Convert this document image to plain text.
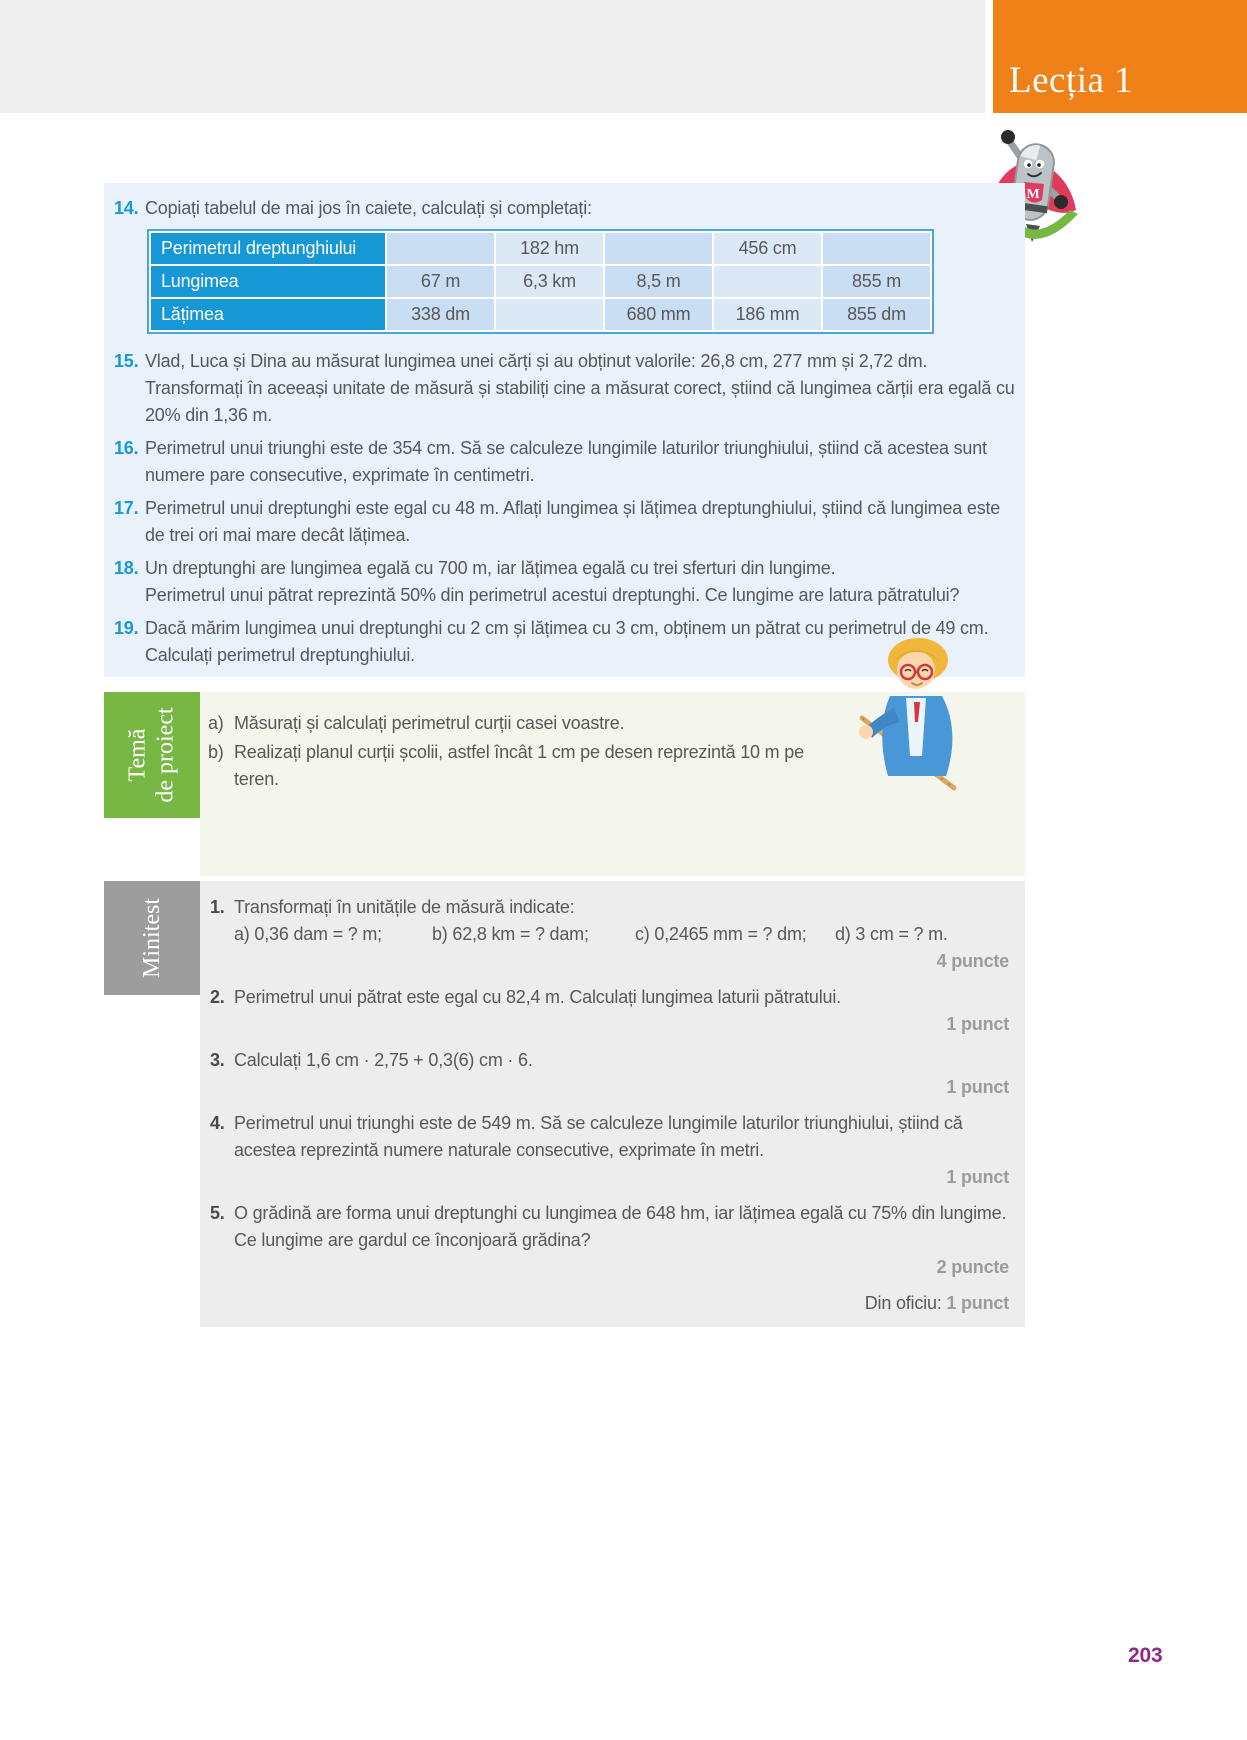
Lecția 1
M
14. Copiați tabelul de mai jos în caiete, calculați și completați:
Perimetrul dreptunghiului		182 hm		456 cm	
Lungimea	67 m	6,3 km	8,5 m		855 m
Lățimea	338 dm		680 mm	186 mm	855 dm
15. Vlad, Luca și Dina au măsurat lungimea unei cărți și au obținut valorile: 26,8 cm, 277 mm și 2,72 dm. Transformați în aceeași unitate de măsură și stabiliți cine a măsurat corect, știind că lungimea cărții era egală cu 20% din 1,36 m.
16. Perimetrul unui triunghi este de 354 cm. Să se calculeze lungimile laturilor triunghiului, știind că acestea sunt numere pare consecutive, exprimate în centimetri.
17. Perimetrul unui dreptunghi este egal cu 48 m. Aflați lungimea și lățimea dreptunghiului, știind că lungimea este de trei ori mai mare decât lățimea.
18. Un dreptunghi are lungimea egală cu 700 m, iar lățimea egală cu trei sferturi din lungime.
Perimetrul unui pătrat reprezintă 50% din perimetrul acestui dreptunghi. Ce lungime are latura pătratului?
19. Dacă mărim lungimea unui dreptunghi cu 2 cm și lățimea cu 3 cm, obținem un pătrat cu perimetrul de 49 cm. Calculați perimetrul dreptunghiului.
Temă de proiect a) Măsurați și calculați perimetrul curții casei voastre.
b) Realizați planul curții școlii, astfel încât 1 cm pe desen reprezintă 10 m pe teren.
Minitest	1. Transformați în unitățile de măsură indicate:
a) 0,36 dam = ? m;	b) 62,8 km = ? dam;	c) 0,2465 mm = ? dm;	d) 3 cm = ? m.
4 puncte
2. Perimetrul unui pătrat este egal cu 82,4 m. Calculați lungimea laturii pătratului.
1 punct
3. Calculați 1,6 cm · 2,75 + 0,3(6) cm · 6.
1 punct
4. Perimetrul unui triunghi este de 549 m. Să se calculeze lungimile laturilor triunghiului, știind că acestea reprezintă numere naturale consecutive, exprimate în metri.
1 punct
5. O grădină are forma unui dreptunghi cu lungimea de 648 hm, iar lățimea egală cu 75% din lungime. Ce lungime are gardul ce înconjoară grădina?
2 puncte
Din oficiu: 1 punct
203
